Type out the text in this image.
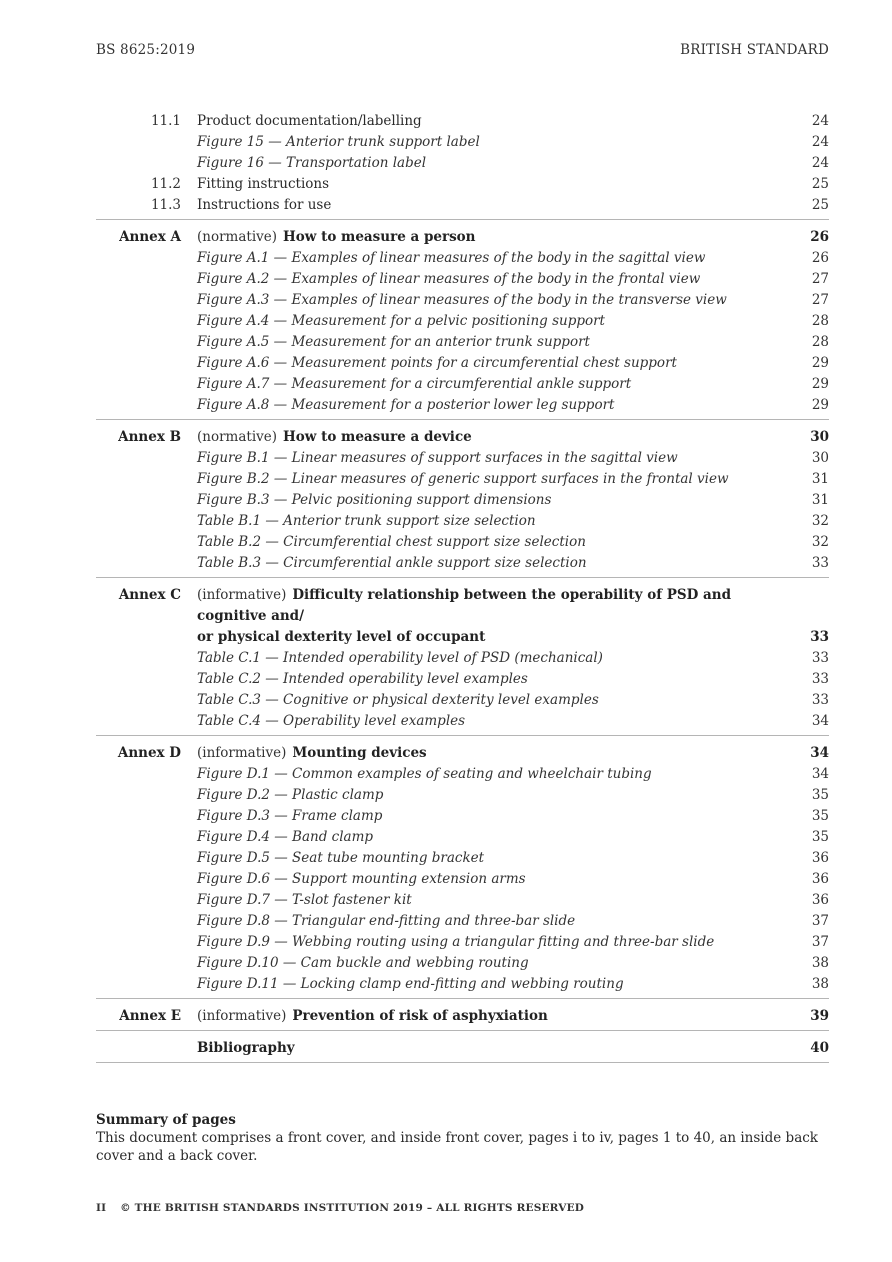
BS 8625:2019	BRITISH STANDARD
11.1	Product documentation/labelling	24
Figure 15 — Anterior trunk support label	24
Figure 16 — Transportation label	24
11.2	Fitting instructions	25
11.3	Instructions for use	25
Annex A	(normative) How to measure a person	26
Figure A.1 — Examples of linear measures of the body in the sagittal view	26
Figure A.2 — Examples of linear measures of the body in the frontal view	27
Figure A.3 — Examples of linear measures of the body in the transverse view	27
Figure A.4 — Measurement for a pelvic positioning support	28
Figure A.5 — Measurement for an anterior trunk support	28
Figure A.6 — Measurement points for a circumferential chest support	29
Figure A.7 — Measurement for a circumferential ankle support	29
Figure A.8 — Measurement for a posterior lower leg support	29
Annex B	(normative) How to measure a device	30
Figure B.1 — Linear measures of support surfaces in the sagittal view	30
Figure B.2 — Linear measures of generic support surfaces in the frontal view	31
Figure B.3 — Pelvic positioning support dimensions	31
Table B.1 — Anterior trunk support size selection	32
Table B.2 — Circumferential chest support size selection	32
Table B.3 — Circumferential ankle support size selection	33
Annex C	(informative) Difficulty relationship between the operability of PSD and cognitive and/
or physical dexterity level of occupant	33
Table C.1 — Intended operability level of PSD (mechanical)	33
Table C.2 — Intended operability level examples	33
Table C.3 — Cognitive or physical dexterity level examples	33
Table C.4 — Operability level examples	34
Annex D	(informative) Mounting devices	34
Figure D.1 — Common examples of seating and wheelchair tubing	34
Figure D.2 — Plastic clamp	35
Figure D.3 — Frame clamp	35
Figure D.4 — Band clamp	35
Figure D.5 — Seat tube mounting bracket	36
Figure D.6 — Support mounting extension arms	36
Figure D.7 — T-slot fastener kit	36
Figure D.8 — Triangular end-fitting and three-bar slide	37
Figure D.9 — Webbing routing using a triangular fitting and three-bar slide	37
Figure D.10 — Cam buckle and webbing routing	38
Figure D.11 — Locking clamp end-fitting and webbing routing	38
Annex E	(informative) Prevention of risk of asphyxiation	39
Bibliography	40
Summary of pages
This document comprises a front cover, and inside front cover, pages i to iv, pages 1 to 40, an inside back cover and a back cover.
II © THE BRITISH STANDARDS INSTITUTION 2019 – ALL RIGHTS RESERVED
